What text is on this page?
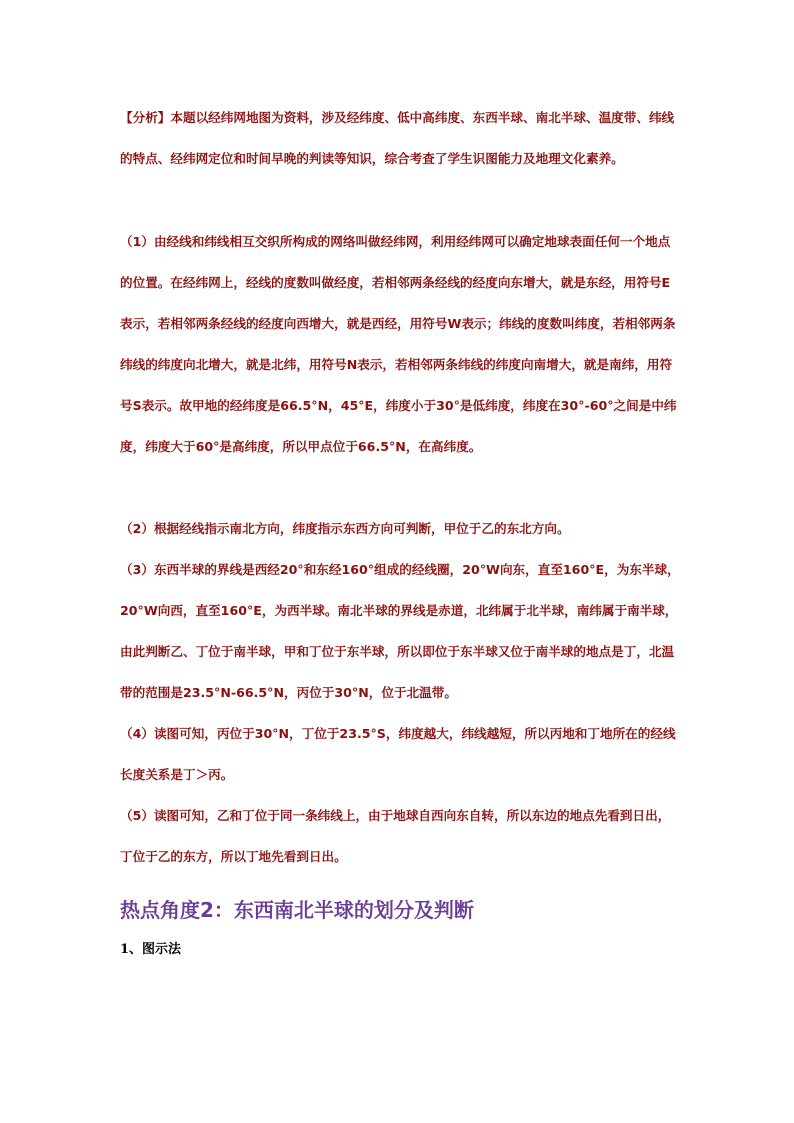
【分析】本题以经纬网地图为资料，涉及经纬度、低中高纬度、东西半球、南北半球、温度带、纬线的特点、经纬网定位和时间早晚的判读等知识，综合考查了学生识图能力及地理文化素养。

（1）由经线和纬线相互交织所构成的网络叫做经纬网，利用经纬网可以确定地球表面任何一个地点的位置。在经纬网上，经线的度数叫做经度，若相邻两条经线的经度向东增大，就是东经，用符号E表示，若相邻两条经线的经度向西增大，就是西经，用符号W表示；纬线的度数叫纬度，若相邻两条纬线的纬度向北增大，就是北纬，用符号N表示，若相邻两条纬线的纬度向南增大，就是南纬，用符号S表示。故甲地的经纬度是66.5°N，45°E，纬度小于30°是低纬度，纬度在30°-60°之间是中纬度，纬度大于60°是高纬度，所以甲点位于66.5°N，在高纬度。

（2）根据经线指示南北方向，纬度指示东西方向可判断，甲位于乙的东北方向。

（3）东西半球的界线是西经20°和东经160°组成的经线圈，20°W向东，直至160°E，为东半球，20°W向西，直至160°E，为西半球。南北半球的界线是赤道，北纬属于北半球，南纬属于南半球，由此判断乙、丁位于南半球，甲和丁位于东半球，所以即位于东半球又位于南半球的地点是丁，北温带的范围是23.5°N-66.5°N，丙位于30°N，位于北温带。

（4）读图可知，丙位于30°N，丁位于23.5°S，纬度越大，纬线越短，所以丙地和丁地所在的经线长度关系是丁＞丙。

（5）读图可知，乙和丁位于同一条纬线上，由于地球自西向东自转，所以东边的地点先看到日出，丁位于乙的东方，所以丁地先看到日出。

热点角度2：东西南北半球的划分及判断

1、图示法
